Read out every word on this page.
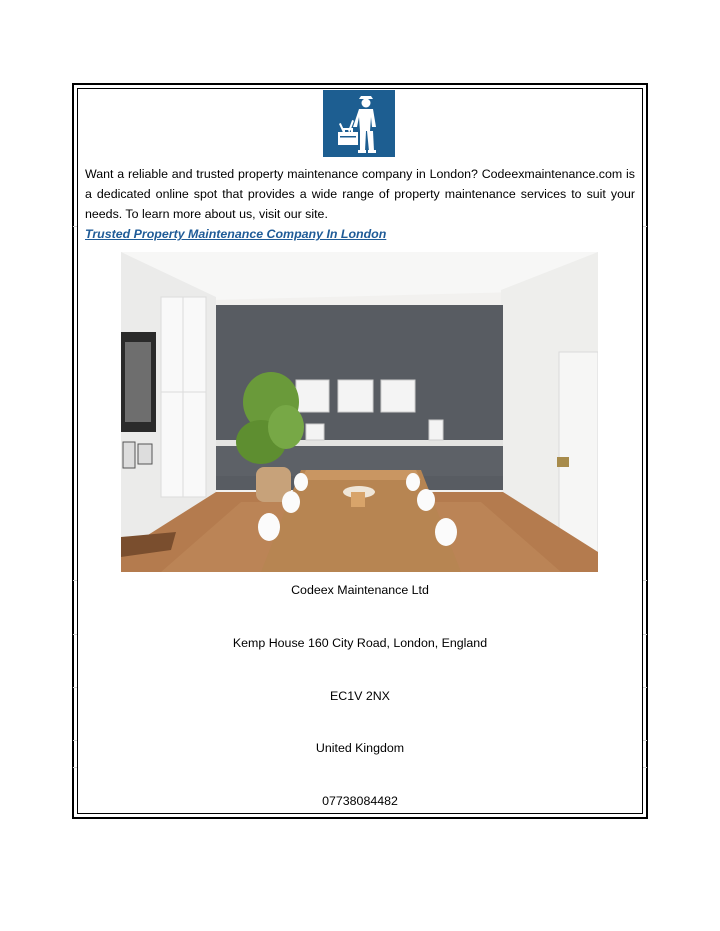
Want a reliable and trusted property maintenance company in London? Codeexmaintenance.com is a dedicated online spot that provides a wide range of property maintenance services to suit your needs. To learn more about us, visit our site.

Trusted Property Maintenance Company In London

Codeex Maintenance Ltd

Kemp House 160 City Road, London, England

EC1V 2NX

United Kingdom

07738084482
